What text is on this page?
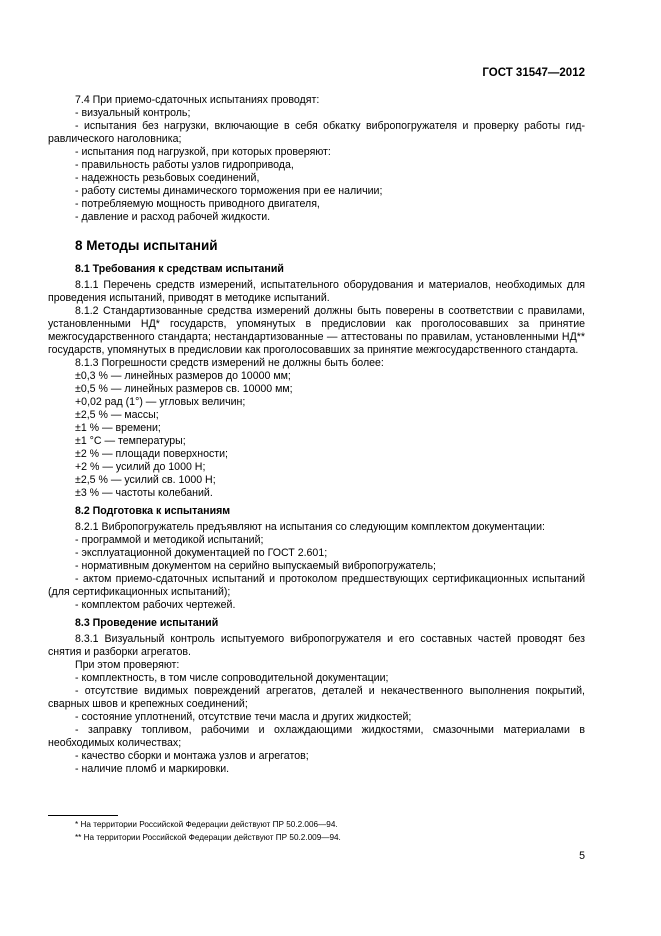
ГОСТ 31547—2012

7.4 При приемо-сдаточных испытаниях проводят:

- визуальный контроль;

- испытания без нагрузки, включающие в себя обкатку вибропогружателя и проверку работы гид-

равлического наголовника;

- испытания под нагрузкой, при которых проверяют:

- правильность работы узлов гидропривода,

- надежность резьбовых соединений,

- работу системы динамического торможения при ее наличии;

- потребляемую мощность приводного двигателя,

- давление и расход рабочей жидкости.

8 Методы испытаний
8.1 Требования к средствам испытаний

8.1.1 Перечень средств измерений, испытательного оборудования и материалов, необходимых для проведения испытаний, приводят в методике испытаний.

8.1.2 Стандартизованные средства измерений должны быть поверены в соответствии с правилами, установленными НД* государств, упомянутых в предисловии как проголосовавших за принятие межгосударственного стандарта; нестандартизованные — аттестованы по правилам, установленными НД** государств, упомянутых в предисловии как проголосовавших за принятие межгосударственного стандарта.

8.1.3 Погрешности средств измерений не должны быть более:

±0,3 % — линейных размеров до 10000 мм;

±0,5 % — линейных размеров св. 10000 мм;

+0,02 рад (1°) — угловых величин;

±2,5 % — массы;

±1 % — времени;

±1 °С — температуры;

±2 % — площади поверхности;

+2 % — усилий до 1000 Н;

±2,5 % — усилий св. 1000 Н;

±3 % — частоты колебаний.

8.2 Подготовка к испытаниям

8.2.1 Вибропогружатель предъявляют на испытания со следующим комплектом документации:

- программой и методикой испытаний;

- эксплуатационной документацией по ГОСТ 2.601;

- нормативным документом на серийно выпускаемый вибропогружатель;

- актом приемо-сдаточных испытаний и протоколом предшествующих сертификационных испытаний (для сертификационных испытаний);

- комплектом рабочих чертежей.

8.3 Проведение испытаний

8.3.1 Визуальный контроль испытуемого вибропогружателя и его составных частей проводят без снятия и разборки агрегатов.

При этом проверяют:

- комплектность, в том числе сопроводительной документации;

- отсутствие видимых повреждений агрегатов, деталей и некачественного выполнения покрытий, сварных швов и крепежных соединений;

- состояние уплотнений, отсутствие течи масла и других жидкостей;

- заправку топливом, рабочими и охлаждающими жидкостями, смазочными материалами в необходимых количествах;

- качество сборки и монтажа узлов и агрегатов;

- наличие пломб и маркировки.

* На территории Российской Федерации действуют ПР 50.2.006—94.

** На территории Российской Федерации действуют ПР 50.2.009—94.

5
